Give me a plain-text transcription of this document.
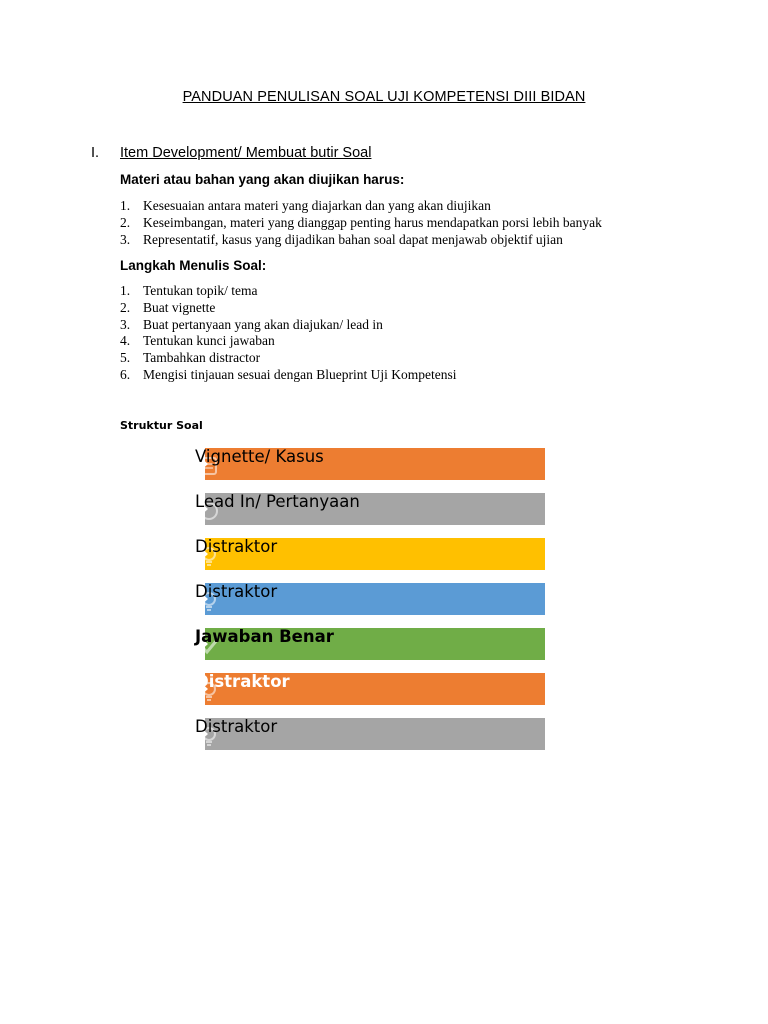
PANDUAN PENULISAN SOAL UJI KOMPETENSI DIII BIDAN
I. Item Development/ Membuat butir Soal
Materi atau bahan yang akan diujikan harus:
1. Kesesuaian antara materi yang diajarkan dan yang akan diujikan
2. Keseimbangan, materi yang dianggap penting harus mendapatkan porsi lebih banyak
3. Representatif, kasus yang dijadikan bahan soal dapat menjawab objektif ujian
Langkah Menulis Soal:
1. Tentukan topik/ tema
2. Buat vignette
3. Buat pertanyaan yang akan diajukan/ lead in
4. Tentukan kunci jawaban
5. Tambahkan distractor
6. Mengisi tinjauan sesuai dengan Blueprint Uji Kompetensi
Struktur Soal
Vignette/ Kasus
Lead In/ Pertanyaan
Distraktor
Distraktor
Jawaban Benar
Distraktor
Distraktor
